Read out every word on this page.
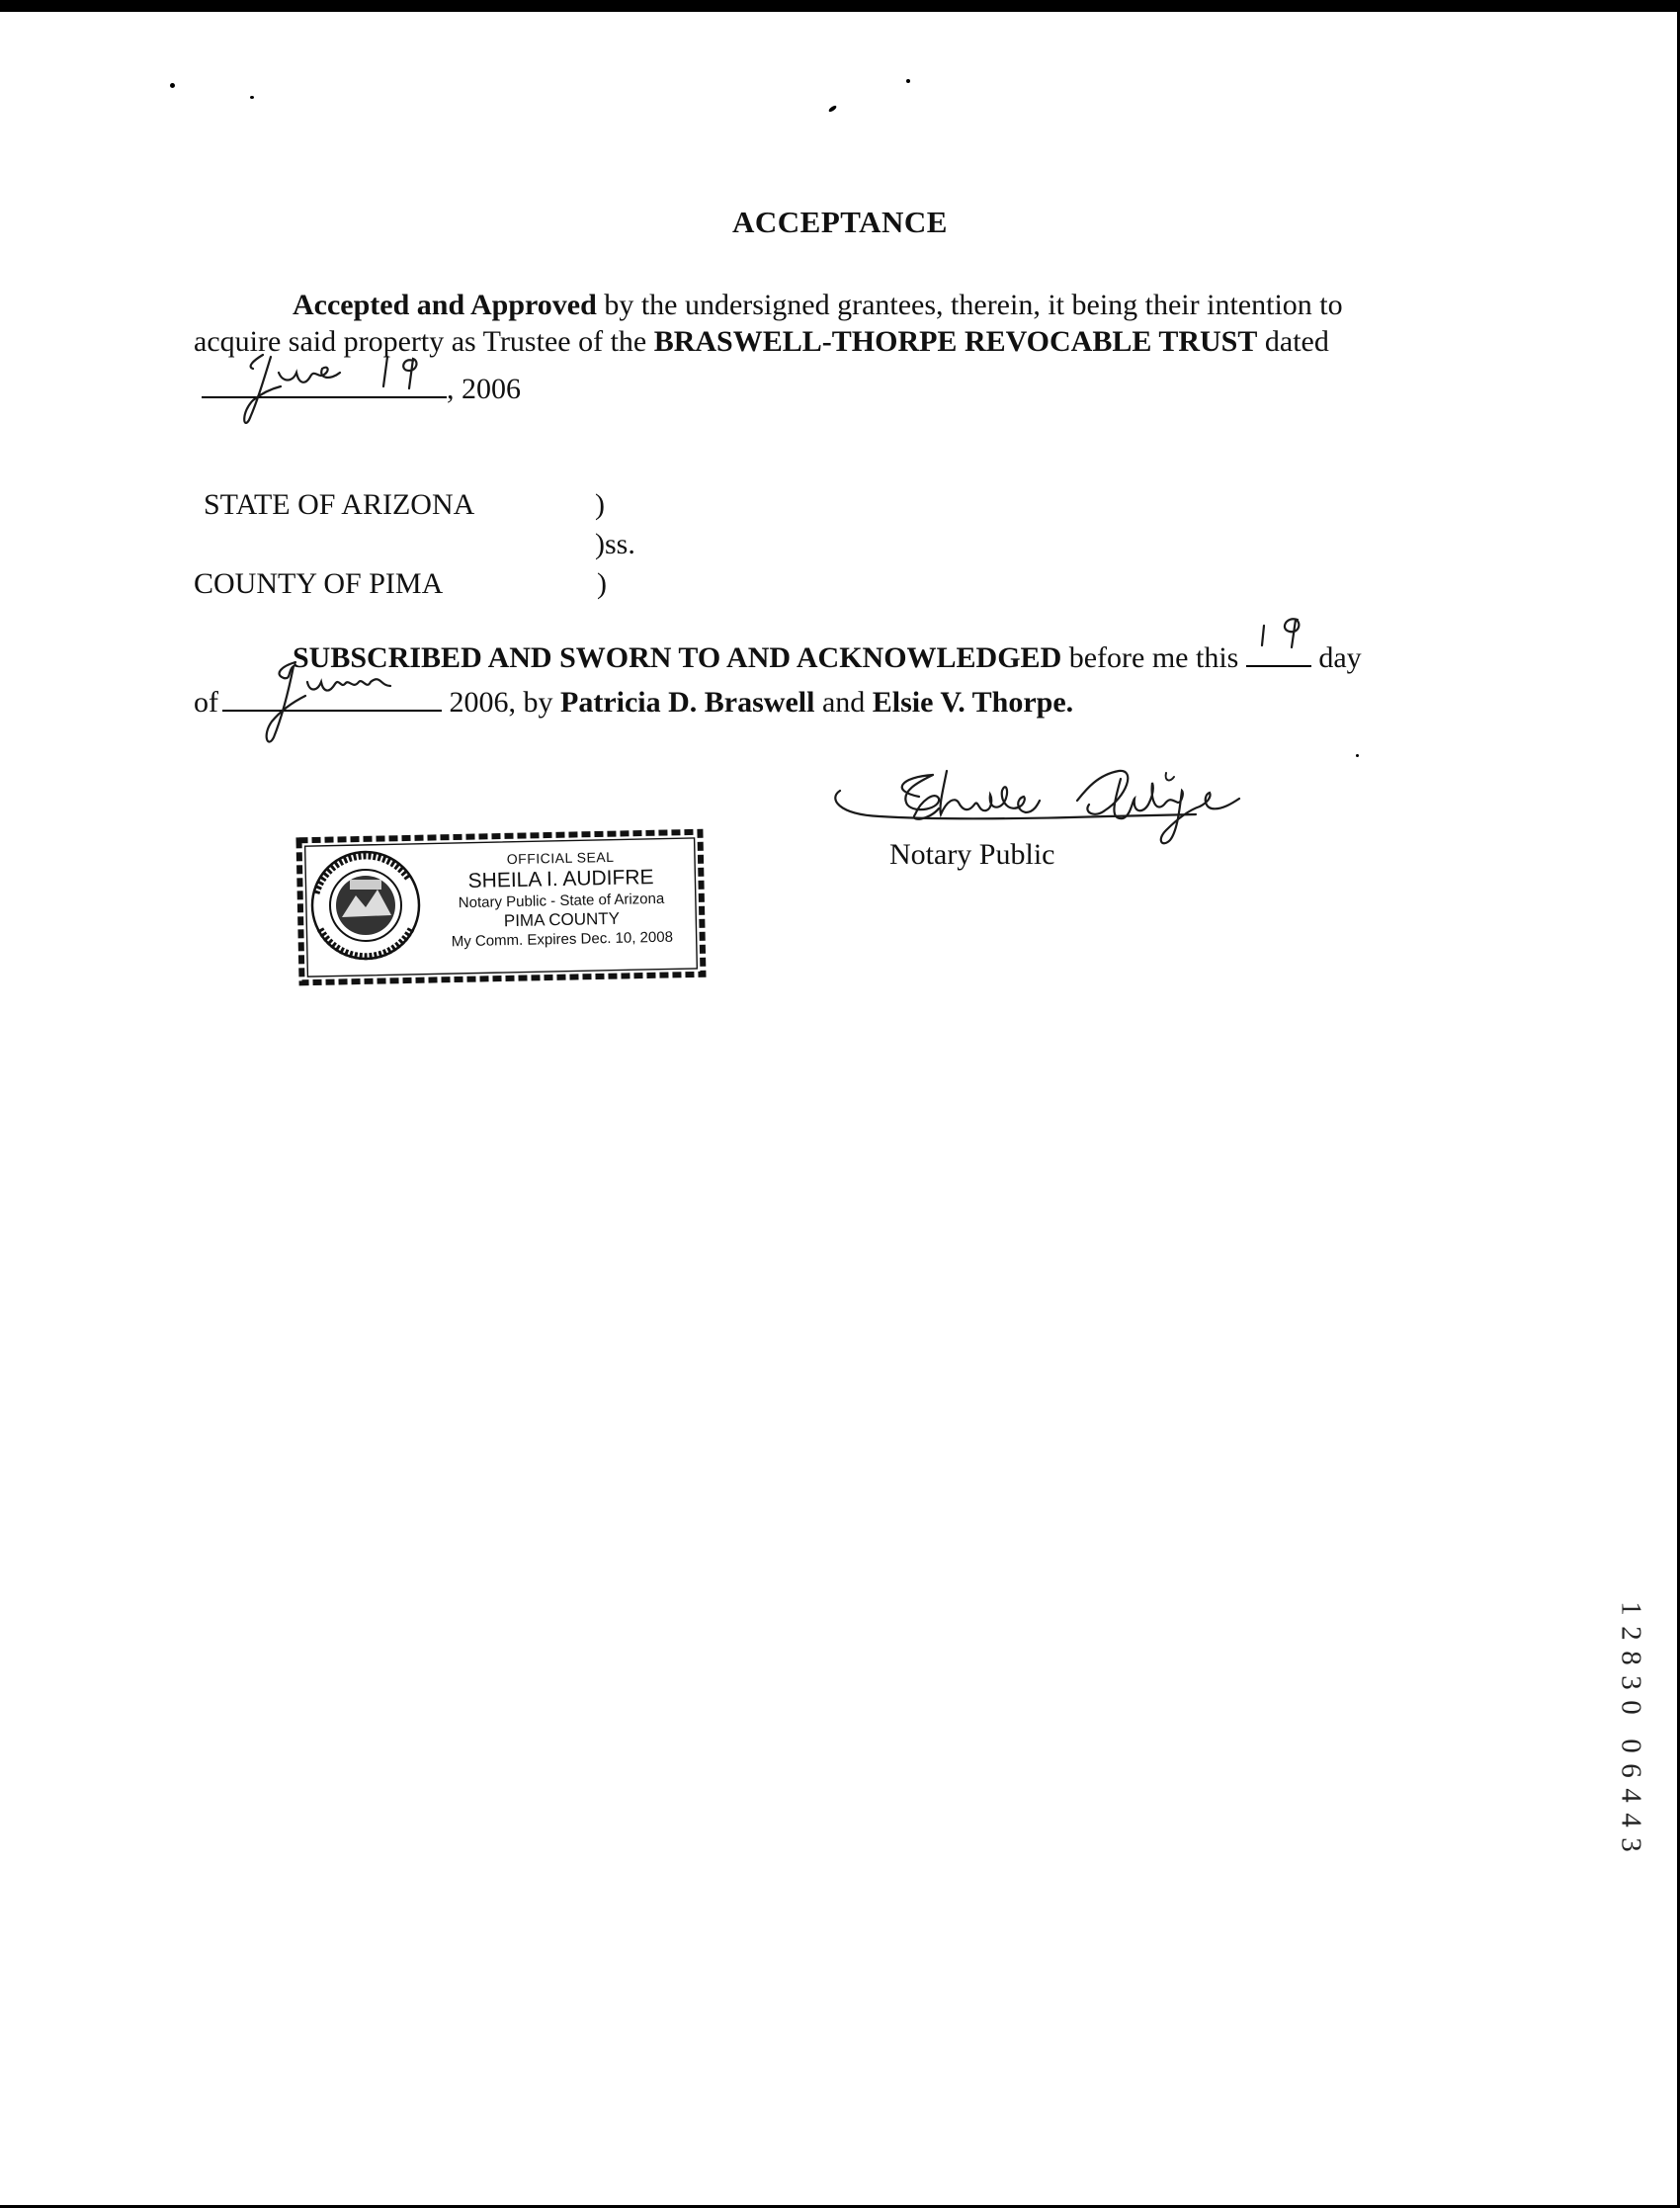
ACCEPTANCE
Accepted and Approved by the undersigned grantees, therein, it being their intention to
acquire said property as Trustee of the BRASWELL-THORPE REVOCABLE TRUST dated
, 2006
STATE OF ARIZONA	)
)ss.
COUNTY OF PIMA	)
SUBSCRIBED AND SWORN TO AND ACKNOWLEDGED before me this
day
of	2006, by Patricia D. Braswell and Elsie V. Thorpe.
Notary Public
OFFICIAL SEAL
SHEILA I. AUDIFRE
Notary Public - State of Arizona
PIMA COUNTY
My Comm. Expires Dec. 10, 2008
1
2
8
3
0
0
6
4
4
3
